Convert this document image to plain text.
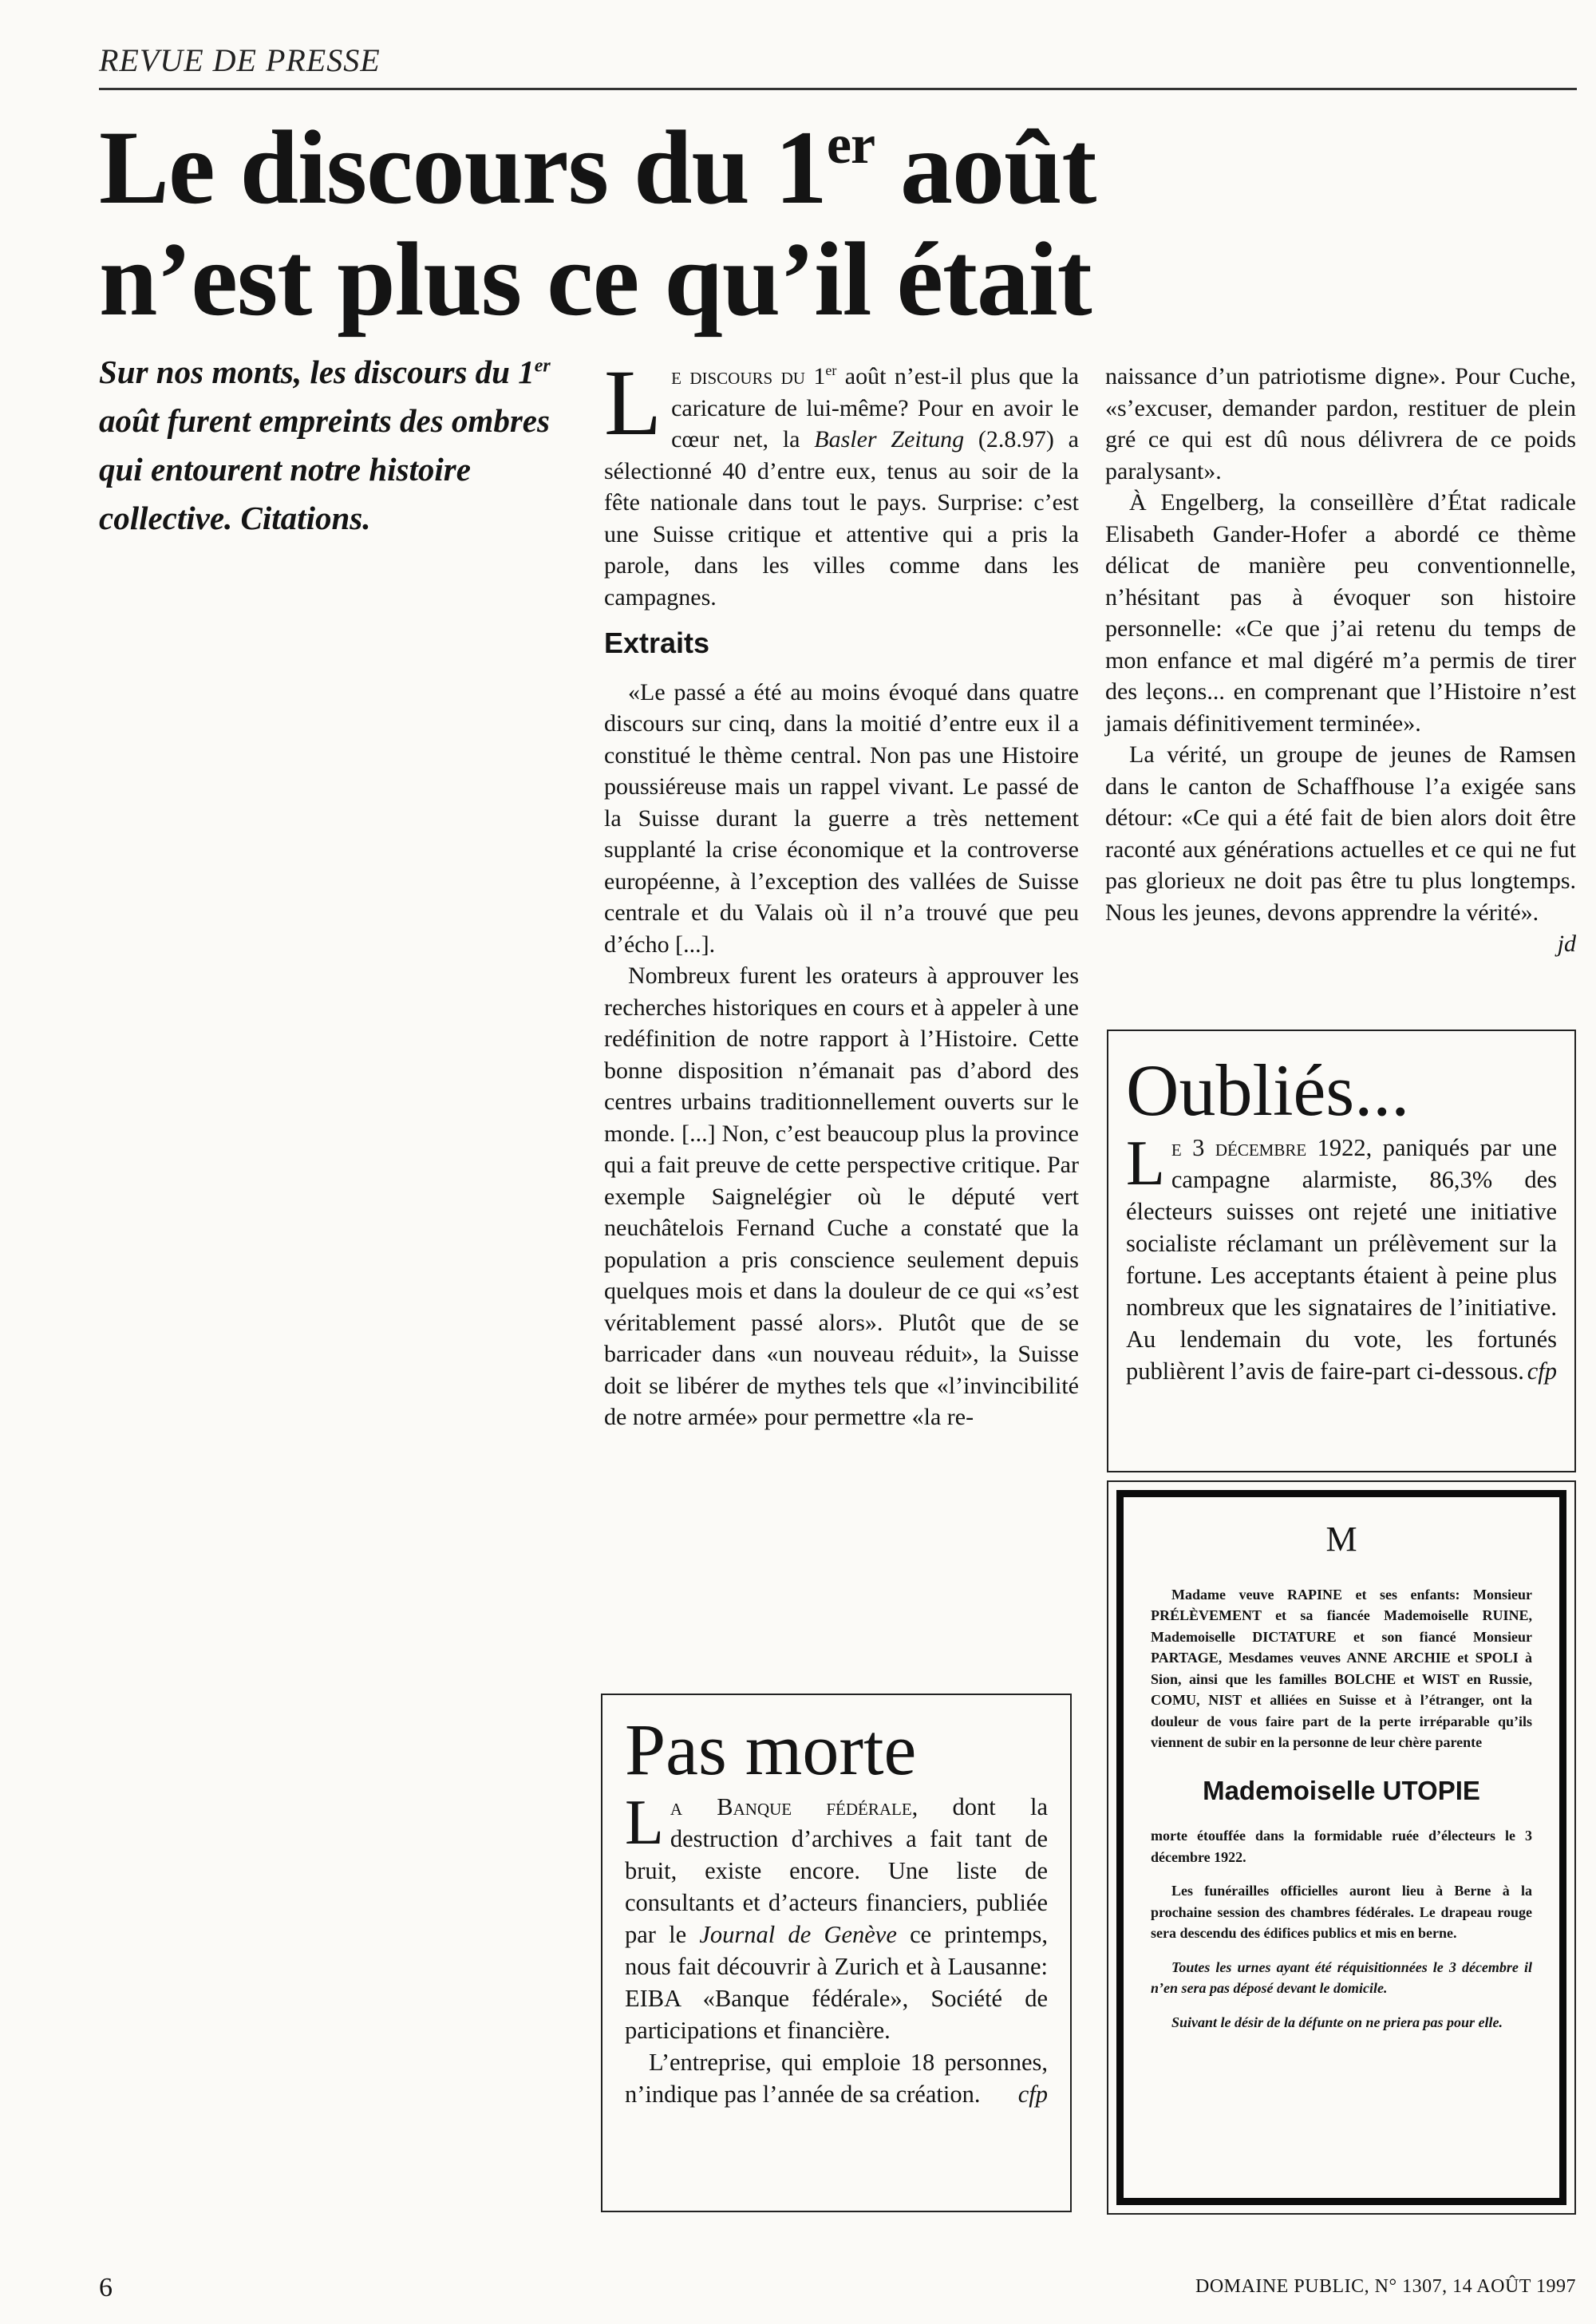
REVUE DE PRESSE
Le discours du 1er août
n’est plus ce qu’il était

Sur nos monts, les discours du 1er août furent empreints des ombres qui entourent notre histoire collective. Citations.

Le discours du 1er août n’est-il plus que la caricature de lui-même? Pour en avoir le cœur net, la Basler Zeitung (2.8.97) a sélectionné 40 d’entre eux, tenus au soir de la fête nationale dans tout le pays. Surprise: c’est une Suisse critique et attentive qui a pris la parole, dans les villes comme dans les campagnes.

Extraits

«Le passé a été au moins évoqué dans quatre discours sur cinq, dans la moitié d’entre eux il a constitué le thème central. Non pas une Histoire poussiéreuse mais un rappel vivant. Le passé de la Suisse durant la guerre a très nettement supplanté la crise économique et la controverse européenne, à l’exception des vallées de Suisse centrale et du Valais où il n’a trouvé que peu d’écho [...].

Nombreux furent les orateurs à approuver les recherches historiques en cours et à appeler à une redéfinition de notre rapport à l’Histoire. Cette bonne disposition n’émanait pas d’abord des centres urbains traditionnellement ouverts sur le monde. [...] Non, c’est beaucoup plus la province qui a fait preuve de cette perspective critique. Par exemple Saignelégier où le député vert neuchâtelois Fernand Cuche a constaté que la population a pris conscience seulement depuis quelques mois et dans la douleur de ce qui «s’est véritablement passé alors». Plutôt que de se barricader dans «un nouveau réduit», la Suisse doit se libérer de mythes tels que «l’invincibilité de notre armée» pour permettre «la re-

naissance d’un patriotisme digne». Pour Cuche, «s’excuser, demander pardon, restituer de plein gré ce qui est dû nous délivrera de ce poids paralysant».

À Engelberg, la conseillère d’État radicale Elisabeth Gander-Hofer a abordé ce thème délicat de manière peu conventionnelle, n’hésitant pas à évoquer son histoire personnelle: «Ce que j’ai retenu du temps de mon enfance et mal digéré m’a permis de tirer des leçons... en comprenant que l’Histoire n’est jamais définitivement terminée».

La vérité, un groupe de jeunes de Ramsen dans le canton de Schaffhouse l’a exigée sans détour: «Ce qui a été fait de bien alors doit être raconté aux générations actuelles et ce qui ne fut pas glorieux ne doit pas être tu plus longtemps. Nous les jeunes, devons apprendre la vérité».
jd

Oubliés...

Le 3 décembre 1922, paniqués par une campagne alarmiste, 86,3% des électeurs suisses ont rejeté une initiative socialiste réclamant un prélèvement sur la fortune. Les acceptants étaient à peine plus nombreux que les signataires de l’initiative. Au lendemain du vote, les fortunés publièrent l’avis de faire-part ci-dessous. cfp

M

Madame veuve RAPINE et ses enfants: Monsieur PRÉLÈVEMENT et sa fiancée Mademoiselle RUINE, Mademoiselle DICTATURE et son fiancé Monsieur PARTAGE, Mesdames veuves ANNE ARCHIE et SPOLI à Sion, ainsi que les familles BOLCHE et WIST en Russie, COMU, NIST et alliées en Suisse et à l’étranger, ont la douleur de vous faire part de la perte irréparable qu’ils viennent de subir en la personne de leur chère parente

Mademoiselle UTOPIE

morte étouffée dans la formidable ruée d’électeurs le 3 décembre 1922.

Les funérailles officielles auront lieu à Berne à la prochaine session des chambres fédérales. Le drapeau rouge sera descendu des édifices publics et mis en berne.

Toutes les urnes ayant été réquisitionnées le 3 décembre il n’en sera pas déposé devant le domicile.

Suivant le désir de la défunte on ne priera pas pour elle.

Pas morte

La Banque fédérale, dont la destruction d’archives a fait tant de bruit, existe encore. Une liste de consultants et d’acteurs financiers, publiée par le Journal de Genève ce printemps, nous fait découvrir à Zurich et à Lausanne: EIBA «Banque fédérale», Société de participations et financière.

L’entreprise, qui emploie 18 personnes, n’indique pas l’année de sa création.	cfp

6	DOMAINE PUBLIC, N° 1307, 14 AOÛT 1997
